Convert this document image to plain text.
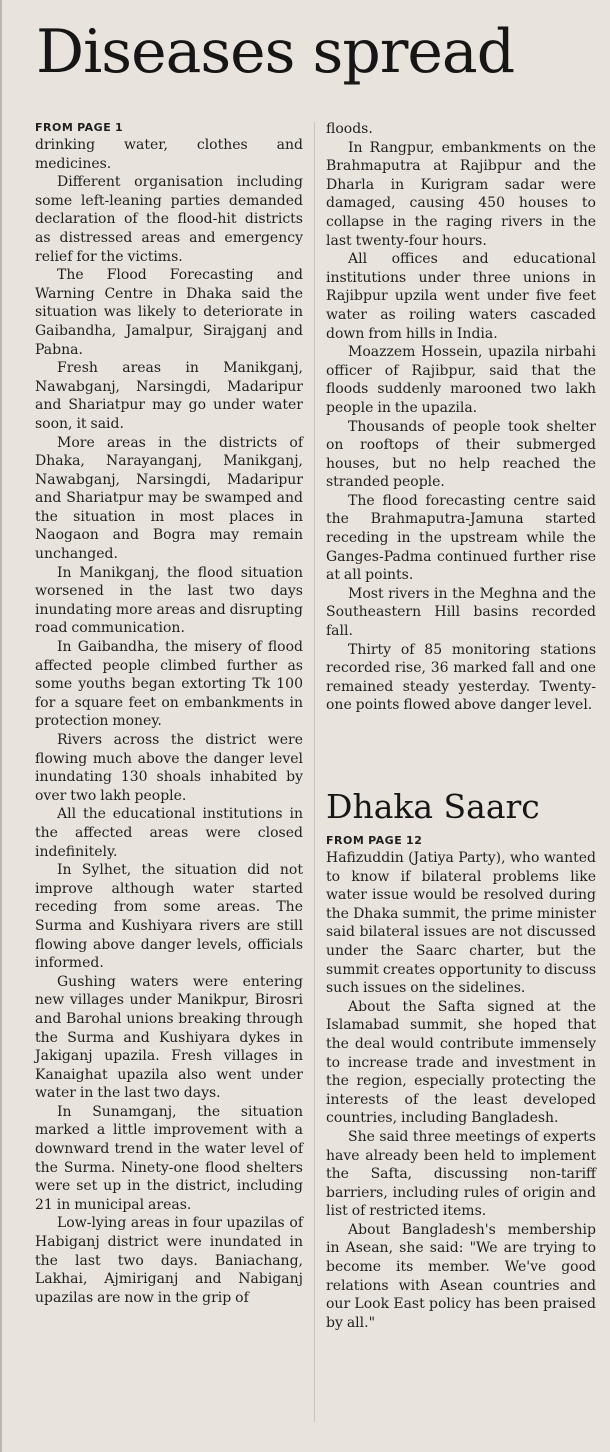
Diseases spread
FROM PAGE 1

drinking water, clothes and medicines.

Different organisation including some left-leaning parties demanded declaration of the flood-hit districts as distressed areas and emergency relief for the victims.

The Flood Forecasting and Warning Centre in Dhaka said the situation was likely to deteriorate in Gaibandha, Jamalpur, Sirajganj and Pabna.

Fresh areas in Manikganj, Nawabganj, Narsingdi, Madaripur and Shariatpur may go under water soon, it said.

More areas in the districts of Dhaka, Narayanganj, Manikganj, Nawabganj, Narsingdi, Madaripur and Shariatpur may be swamped and the situation in most places in Naogaon and Bogra may remain unchanged.

In Manikganj, the flood situation worsened in the last two days inundating more areas and disrupting road communication.

In Gaibandha, the misery of flood affected people climbed further as some youths began extorting Tk 100 for a square feet on embankments in protection money.

Rivers across the district were flowing much above the danger level inundating 130 shoals inhabited by over two lakh people.

All the educational institutions in the affected areas were closed indefinitely.

In Sylhet, the situation did not improve although water started receding from some areas. The Surma and Kushiyara rivers are still flowing above danger levels, officials informed.

Gushing waters were entering new villages under Manikpur, Birosri and Barohal unions breaking through the Surma and Kushiyara dykes in Jakiganj upazila. Fresh villages in Kanaighat upazila also went under water in the last two days.

In Sunamganj, the situation marked a little improvement with a downward trend in the water level of the Surma. Ninety-one flood shelters were set up in the district, including 21 in municipal areas.

Low-lying areas in four upazilas of Habiganj district were inundated in the last two days. Baniachang, Lakhai, Ajmiriganj and Nabiganj upazilas are now in the grip of

floods.

In Rangpur, embankments on the Brahmaputra at Rajibpur and the Dharla in Kurigram sadar were damaged, causing 450 houses to collapse in the raging rivers in the last twenty-four hours.

All offices and educational institutions under three unions in Rajibpur upzila went under five feet water as roiling waters cascaded down from hills in India.

Moazzem Hossein, upazila nirbahi officer of Rajibpur, said that the floods suddenly marooned two lakh people in the upazila.

Thousands of people took shelter on rooftops of their submerged houses, but no help reached the stranded people.

The flood forecasting centre said the Brahmaputra-Jamuna started receding in the upstream while the Ganges-Padma continued further rise at all points.

Most rivers in the Meghna and the Southeastern Hill basins recorded fall.

Thirty of 85 monitoring stations recorded rise, 36 marked fall and one remained steady yesterday. Twenty-one points flowed above danger level.

Dhaka Saarc
FROM PAGE 12

Hafizuddin (Jatiya Party), who wanted to know if bilateral problems like water issue would be resolved during the Dhaka summit, the prime minister said bilateral issues are not discussed under the Saarc charter, but the summit creates opportunity to discuss such issues on the sidelines.

About the Safta signed at the Islamabad summit, she hoped that the deal would contribute immensely to increase trade and investment in the region, especially protecting the interests of the least developed countries, including Bangladesh.

She said three meetings of experts have already been held to implement the Safta, discussing non-tariff barriers, including rules of origin and list of restricted items.

About Bangladesh's membership in Asean, she said: "We are trying to become its member. We've good relations with Asean countries and our Look East policy has been praised by all."
